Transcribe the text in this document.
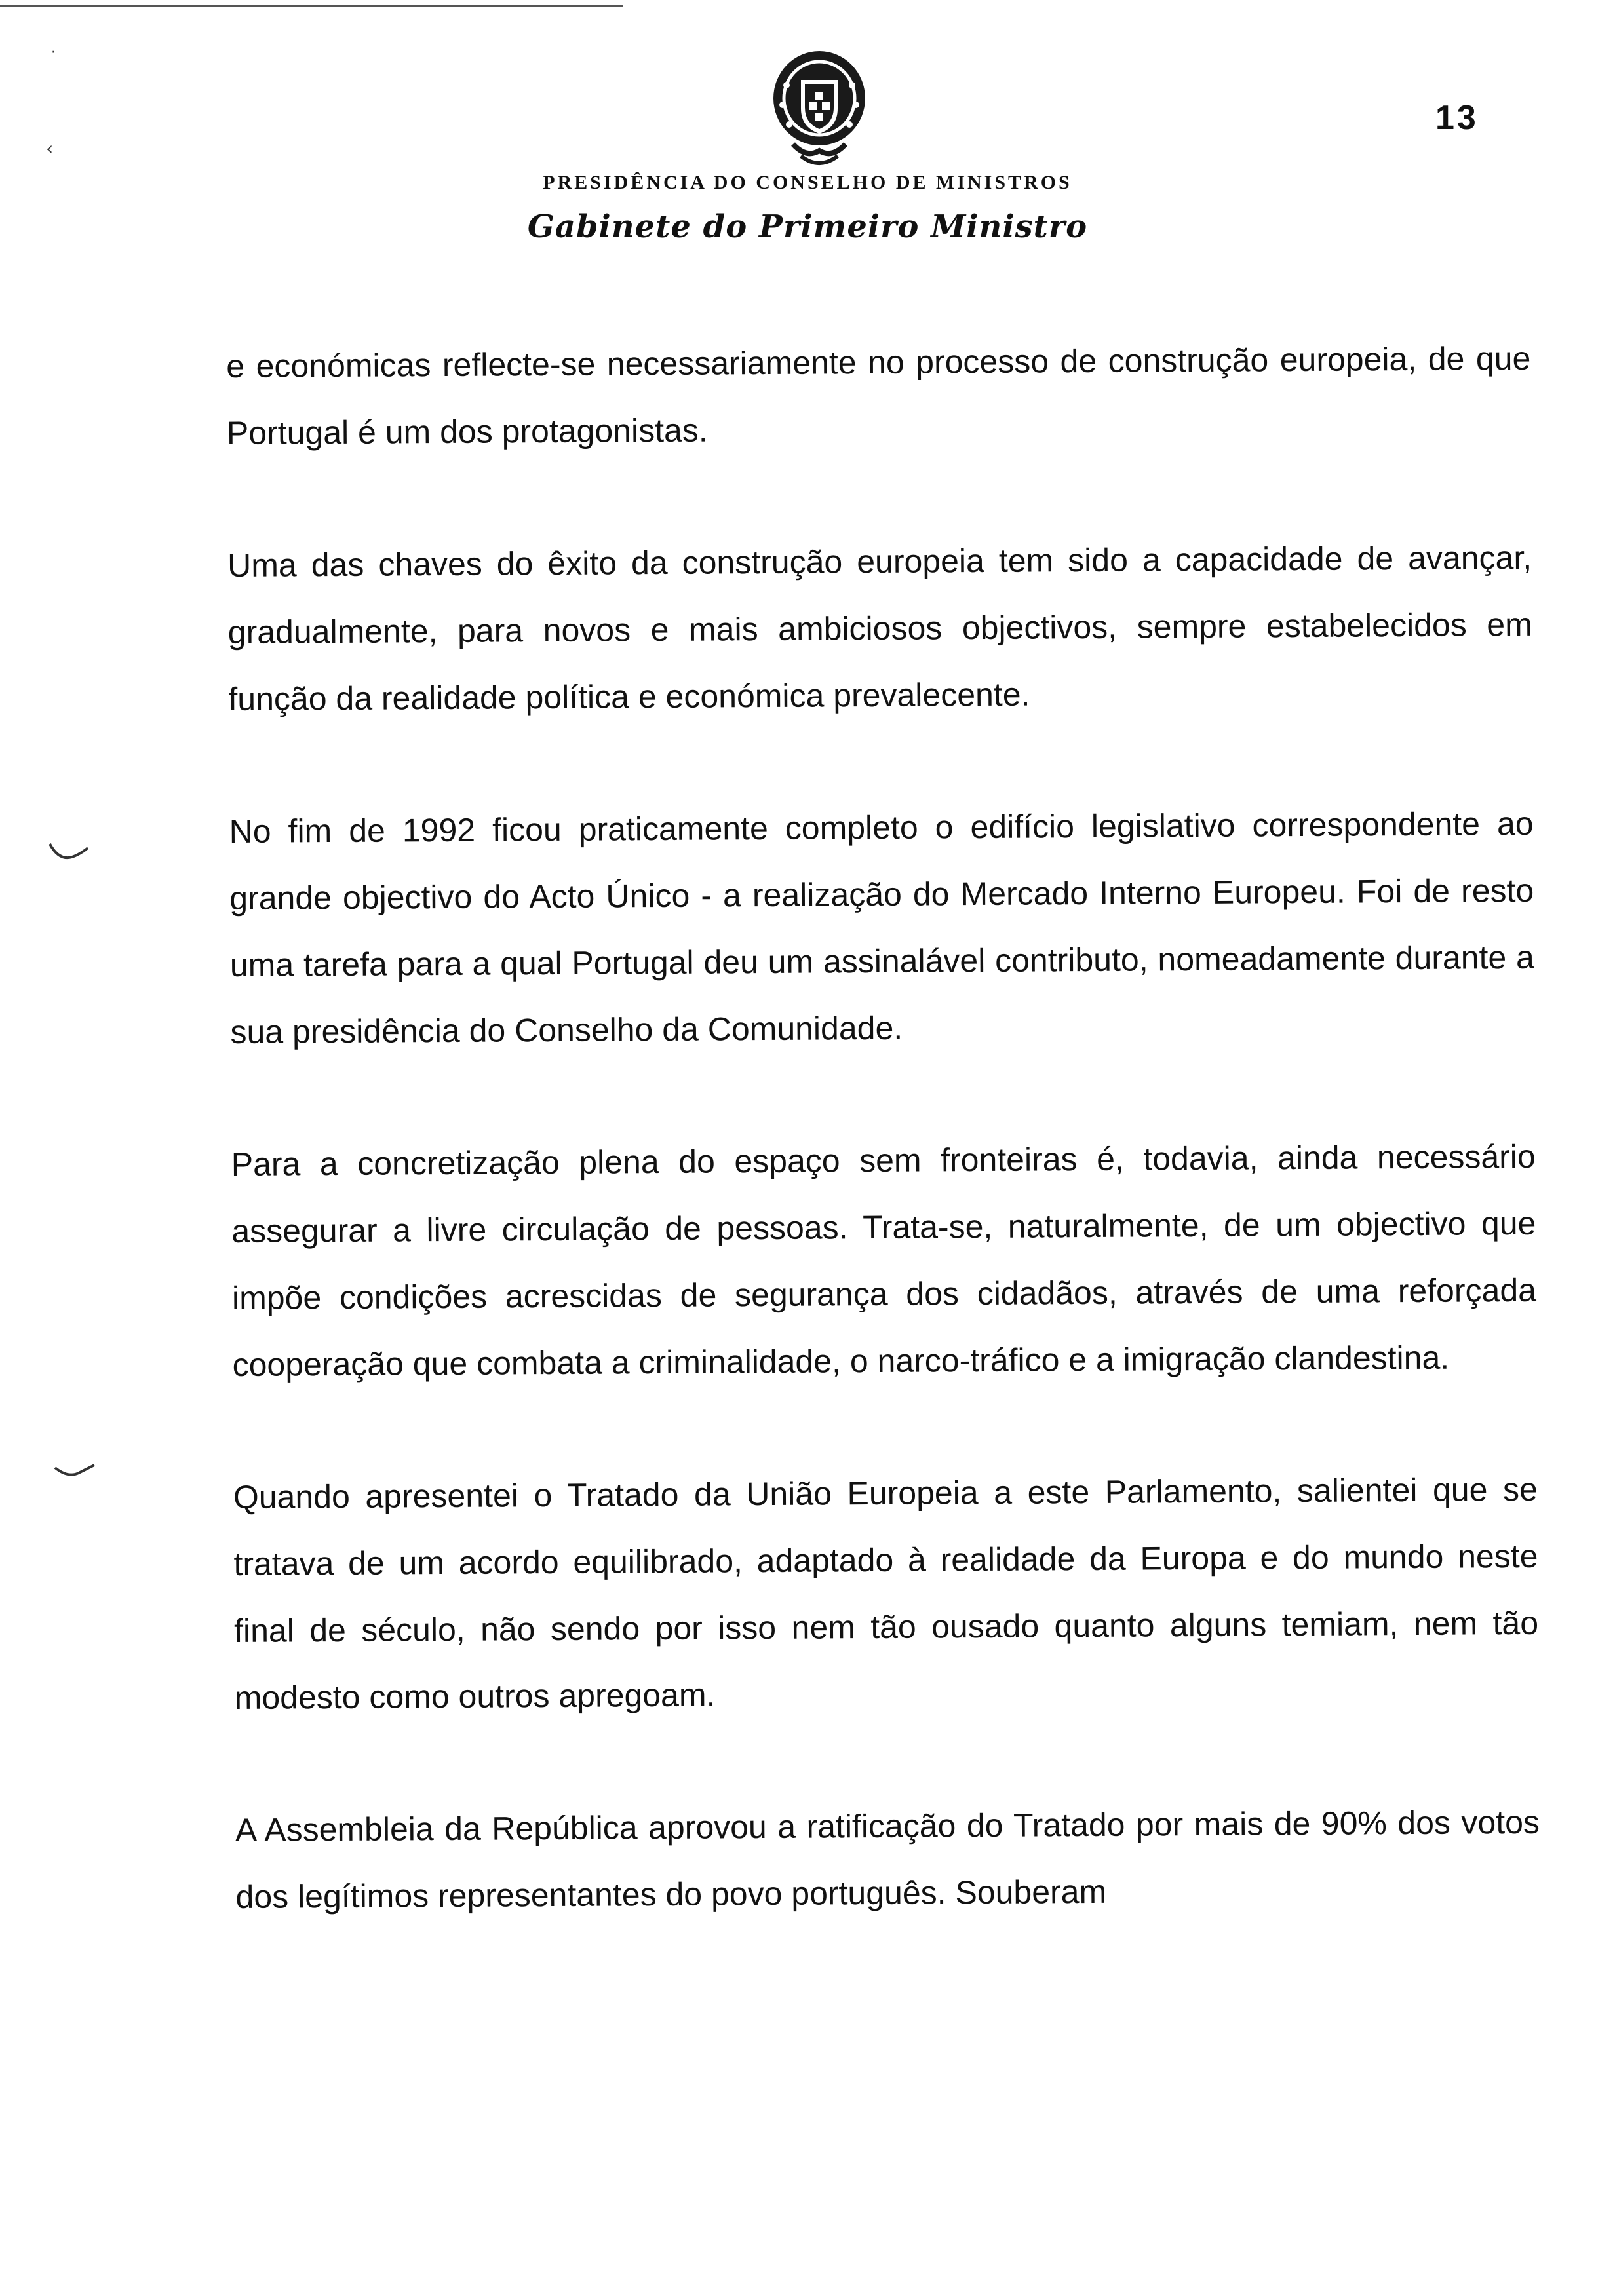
·
‹
13
PRESIDÊNCIA DO CONSELHO DE MINISTROS
Gabinete do Primeiro Ministro

e económicas reflecte-se necessariamente no processo de construção europeia, de que Portugal é um dos protagonistas.

Uma das chaves do êxito da construção europeia tem sido a capacidade de avançar, gradualmente, para novos e mais ambiciosos objectivos, sempre estabelecidos em função da realidade política e económica prevalecente.

No fim de 1992 ficou praticamente completo o edifício legislativo correspondente ao grande objectivo do Acto Único - a realização do Mercado Interno Europeu. Foi de resto uma tarefa para a qual Portugal deu um assinalável contributo, nomeadamente durante a sua presidência do Conselho da Comunidade.

Para a concretização plena do espaço sem fronteiras é, todavia, ainda necessário assegurar a livre circulação de pessoas. Trata-se, naturalmente, de um objectivo que impõe condições acrescidas de segurança dos cidadãos, através de uma reforçada cooperação que combata a criminalidade, o narco-tráfico e a imigração clandestina.

Quando apresentei o Tratado da União Europeia a este Parlamento, salientei que se tratava de um acordo equilibrado, adaptado à realidade da Europa e do mundo neste final de século, não sendo por isso nem tão ousado quanto alguns temiam, nem tão modesto como outros apregoam.

A Assembleia da República aprovou a ratificação do Tratado por mais de 90% dos votos dos legítimos representantes do povo português. Souberam
